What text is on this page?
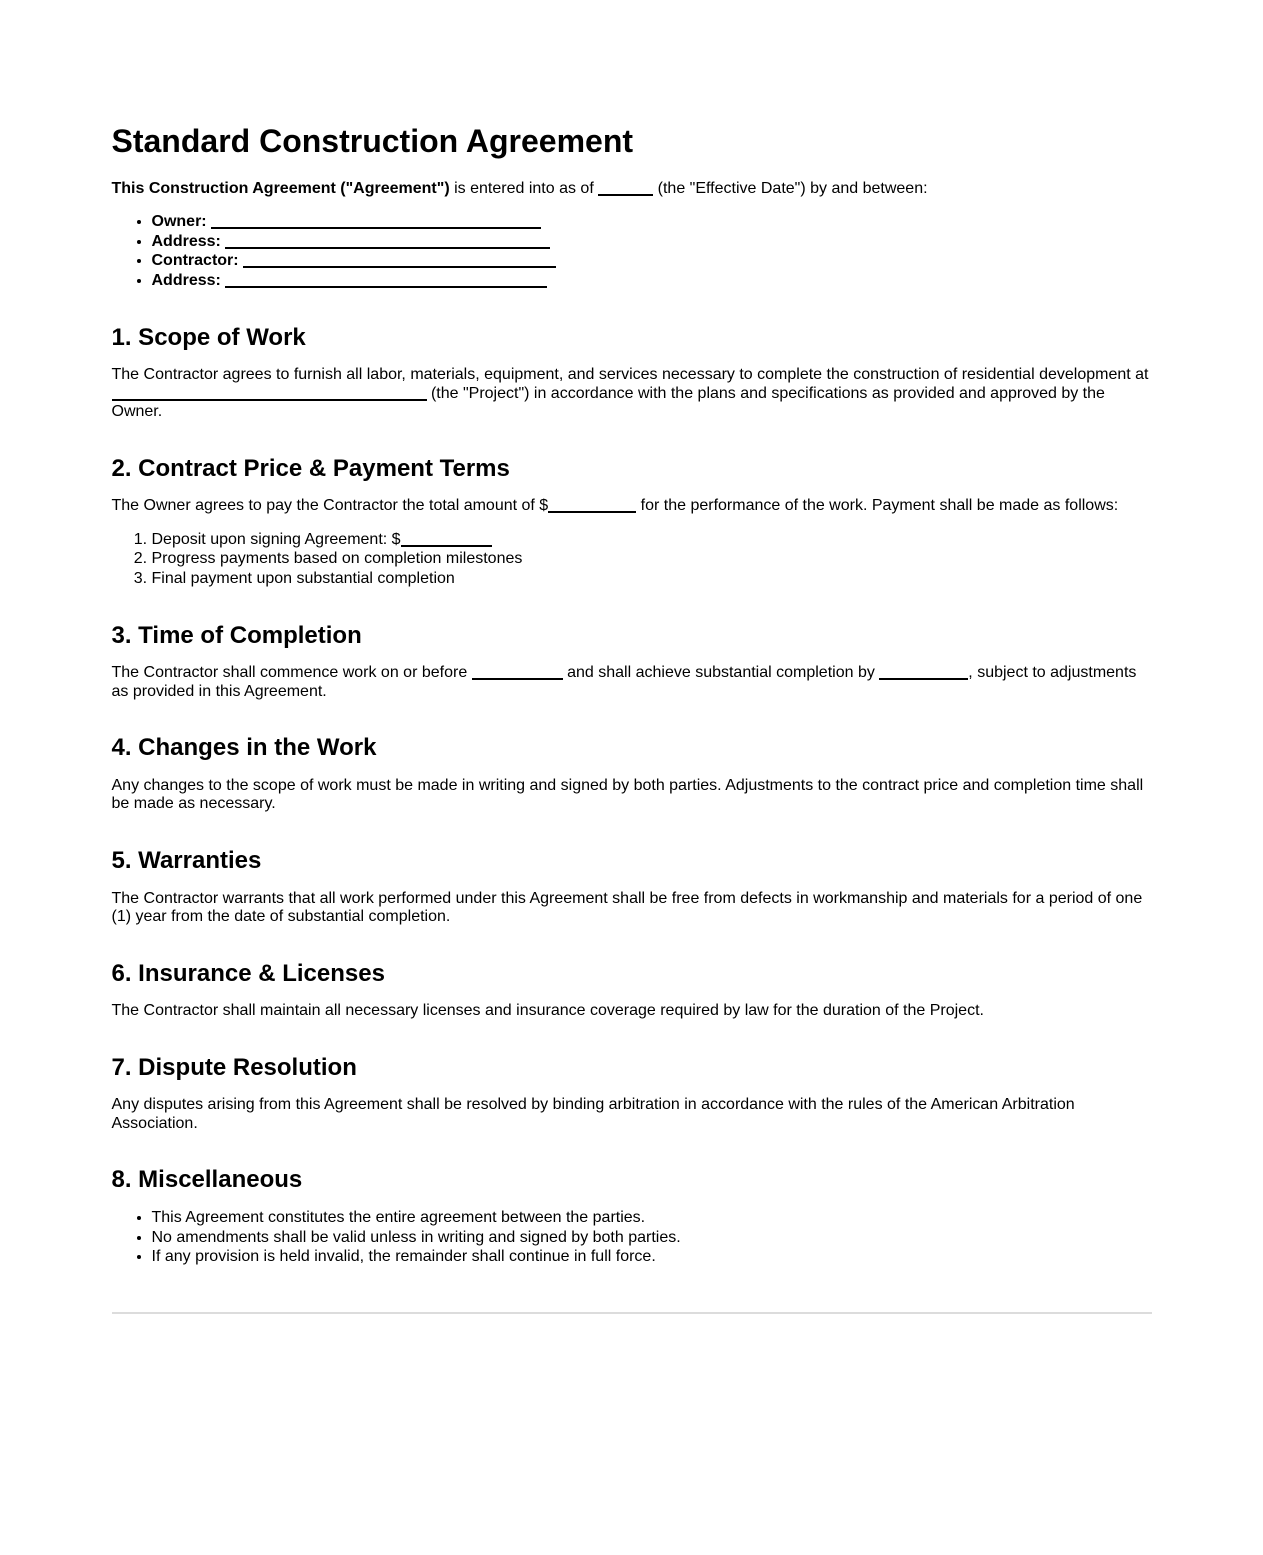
Standard Construction Agreement

This Construction Agreement ("Agreement") is entered into as of	(the "Effective Date") by and between:

• Owner:
• Address:
• Contractor:
• Address:
1. Scope of Work

The Contractor agrees to furnish all labor, materials, equipment, and services necessary to complete the construction of residential development at  (the "Project") in accordance with the plans and specifications as provided and approved by the Owner.

2. Contract Price & Payment Terms

The Owner agrees to pay the Contractor the total amount of $	for the performance of the work. Payment shall be made as follows:

1. Deposit upon signing Agreement: $
2. Progress payments based on completion milestones
3. Final payment upon substantial completion
3. Time of Completion

The Contractor shall commence work on or before	and shall achieve substantial completion by	, subject to adjustments as provided in this Agreement.

4. Changes in the Work

Any changes to the scope of work must be made in writing and signed by both parties. Adjustments to the contract price and completion time shall be made as necessary.

5. Warranties

The Contractor warrants that all work performed under this Agreement shall be free from defects in workmanship and materials for a period of one (1) year from the date of substantial completion.

6. Insurance & Licenses

The Contractor shall maintain all necessary licenses and insurance coverage required by law for the duration of the Project.

7. Dispute Resolution

Any disputes arising from this Agreement shall be resolved by binding arbitration in accordance with the rules of the American Arbitration Association.

8. Miscellaneous
• This Agreement constitutes the entire agreement between the parties.
• No amendments shall be valid unless in writing and signed by both parties.
• If any provision is held invalid, the remainder shall continue in full force.
